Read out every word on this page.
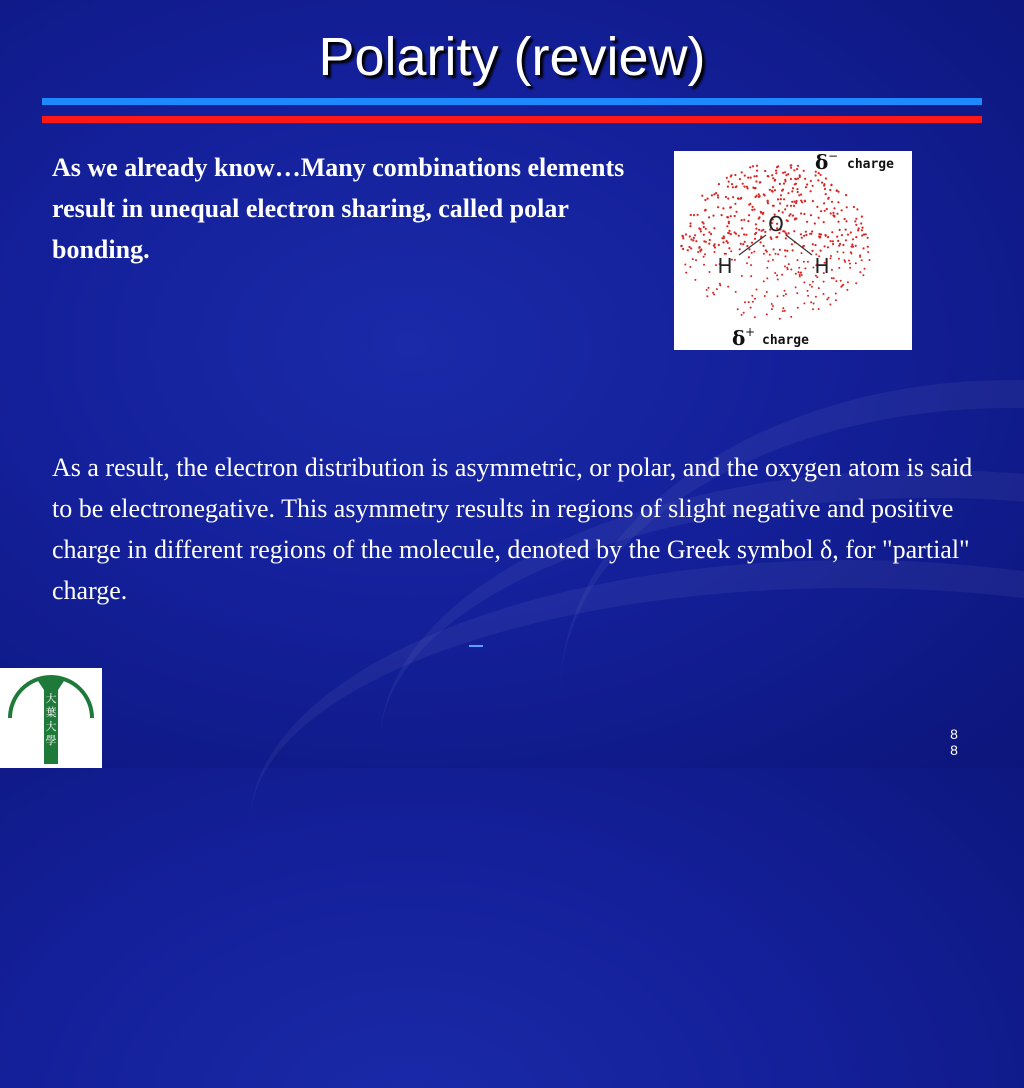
Polarity (review)
As we already know…Many combinations elements result in unequal electron sharing, called polar bonding.
O
H	H
δ −
charge
δ +
charge
As a result, the electron distribution is asymmetric, or polar, and the oxygen atom is said to be electronegative. This asymmetry results in regions of slight negative and positive charge in different regions of the molecule, denoted by the Greek symbol δ, for "partial" charge.
大
葉
大
學	8
8
